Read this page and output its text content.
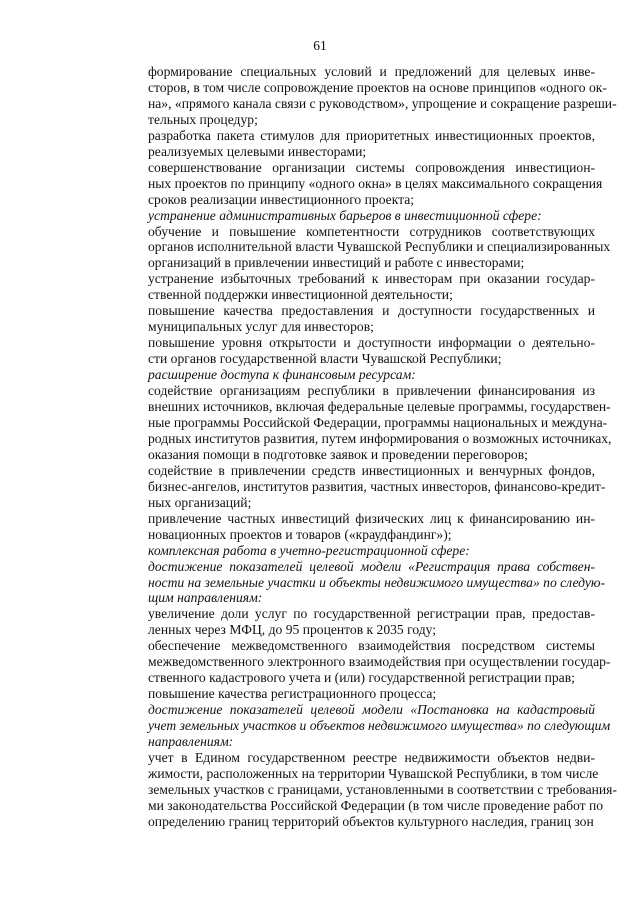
61
формирование специальных условий и предложений для целевых инве-
сторов, в том числе сопровождение проектов на основе принципов «одного ок-
на», «прямого канала связи с руководством», упрощение и сокращение разреши-
тельных процедур;
разработка пакета стимулов для приоритетных инвестиционных проектов,
реализуемых целевыми инвесторами;
совершенствование организации системы сопровождения инвестицион-
ных проектов по принципу «одного окна» в целях максимального сокращения
сроков реализации инвестиционного проекта;
устранение административных барьеров в инвестиционной сфере:
обучение и повышение компетентности сотрудников соответствующих
органов исполнительной власти Чувашской Республики и специализированных
организаций в привлечении инвестиций и работе с инвесторами;
устранение избыточных требований к инвесторам при оказании государ-
ственной поддержки инвестиционной деятельности;
повышение качества предоставления и доступности государственных и
муниципальных услуг для инвесторов;
повышение уровня открытости и доступности информации о деятельно-
сти органов государственной власти Чувашской Республики;
расширение доступа к финансовым ресурсам:
содействие организациям республики в привлечении финансирования из
внешних источников, включая федеральные целевые программы, государствен-
ные программы Российской Федерации, программы национальных и междуна-
родных институтов развития, путем информирования о возможных источниках,
оказания помощи в подготовке заявок и проведении переговоров;
содействие в привлечении средств инвестиционных и венчурных фондов,
бизнес-ангелов, институтов развития, частных инвесторов, финансово-кредит-
ных организаций;
привлечение частных инвестиций физических лиц к финансированию ин-
новационных проектов и товаров («краудфандинг»);
комплексная работа в учетно-регистрационной сфере:
достижение показателей целевой модели «Регистрация права собствен-
ности на земельные участки и объекты недвижимого имущества» по следую-
щим направлениям:
увеличение доли услуг по государственной регистрации прав, предостав-
ленных через МФЦ, до 95 процентов к 2035 году;
обеспечение межведомственного взаимодействия посредством системы
межведомственного электронного взаимодействия при осуществлении государ-
ственного кадастрового учета и (или) государственной регистрации прав;
повышение качества регистрационного процесса;
достижение показателей целевой модели «Постановка на кадастровый
учет земельных участков и объектов недвижимого имущества» по следующим
направлениям:
учет в Едином государственном реестре недвижимости объектов недви-
жимости, расположенных на территории Чувашской Республики, в том числе
земельных участков с границами, установленными в соответствии с требования-
ми законодательства Российской Федерации (в том числе проведение работ по
определению границ территорий объектов культурного наследия, границ зон
